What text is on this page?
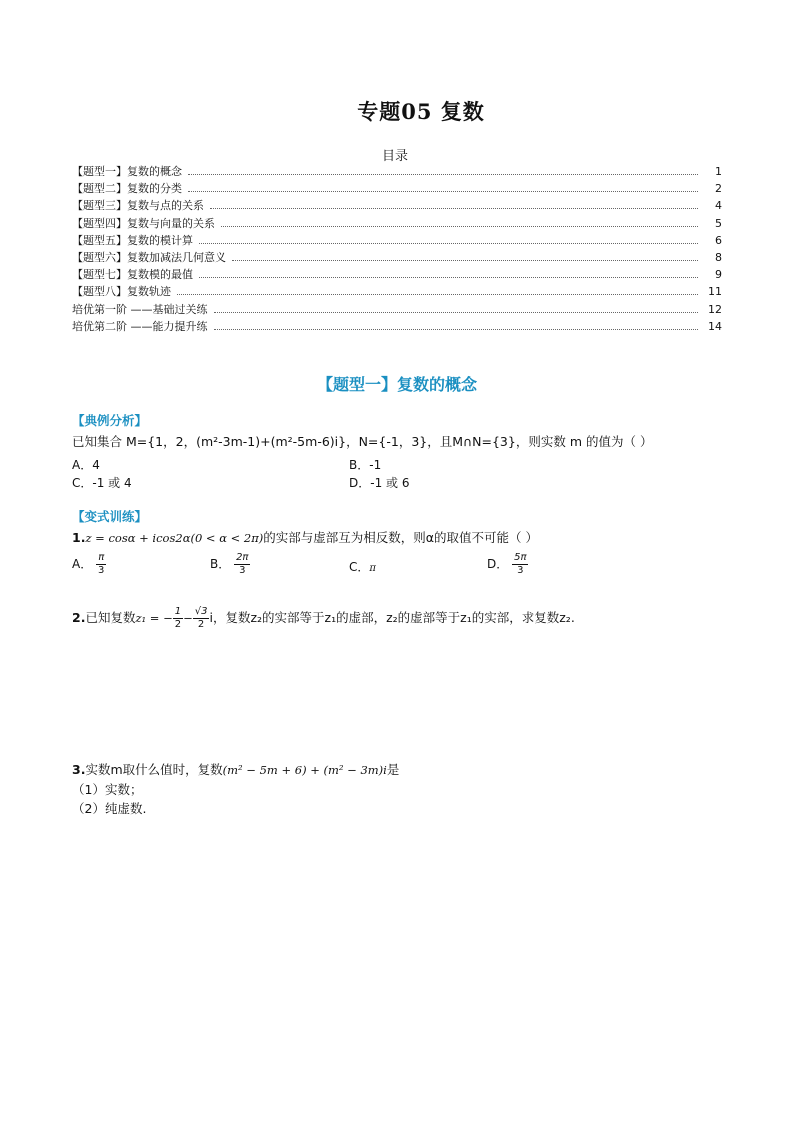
专题05 复数
目录
【题型一】复数的概念	1
【题型二】复数的分类	2
【题型三】复数与点的关系	4
【题型四】复数与向量的关系	5
【题型五】复数的模计算	6
【题型六】复数加减法几何意义	8
【题型七】复数模的最值	9
【题型八】复数轨迹	11
培优第一阶 ——基础过关练	12
培优第二阶 ——能力提升练	14
【题型一】复数的概念
【典例分析】
已知集合 M={1，2，(m²-3m-1)+(m²-5m-6)i}，N={-1，3}，且M∩N={3}，则实数 m 的值为（ ）
A．4	B．-1
C．-1 或 4	D．-1 或 6
【变式训练】
1.z = cosα + icos2α(0 < α < 2π)的实部与虚部互为相反数，则α的取值不可能（ ）
A． $\frac{\pi}{3}$	B． $\frac{2\pi}{3}$	C．π	D． $\frac{5\pi}{3}$
2.已知复数z₁ = − $\frac{1}{2} - \frac{√3}{2}$ i，复数z₂的实部等于z₁的虚部，z₂的虚部等于z₁的实部，求复数z₂.
3.实数m取什么值时，复数(m² − 5m + 6) + (m² − 3m)i是
（1）实数；
（2）纯虚数.
